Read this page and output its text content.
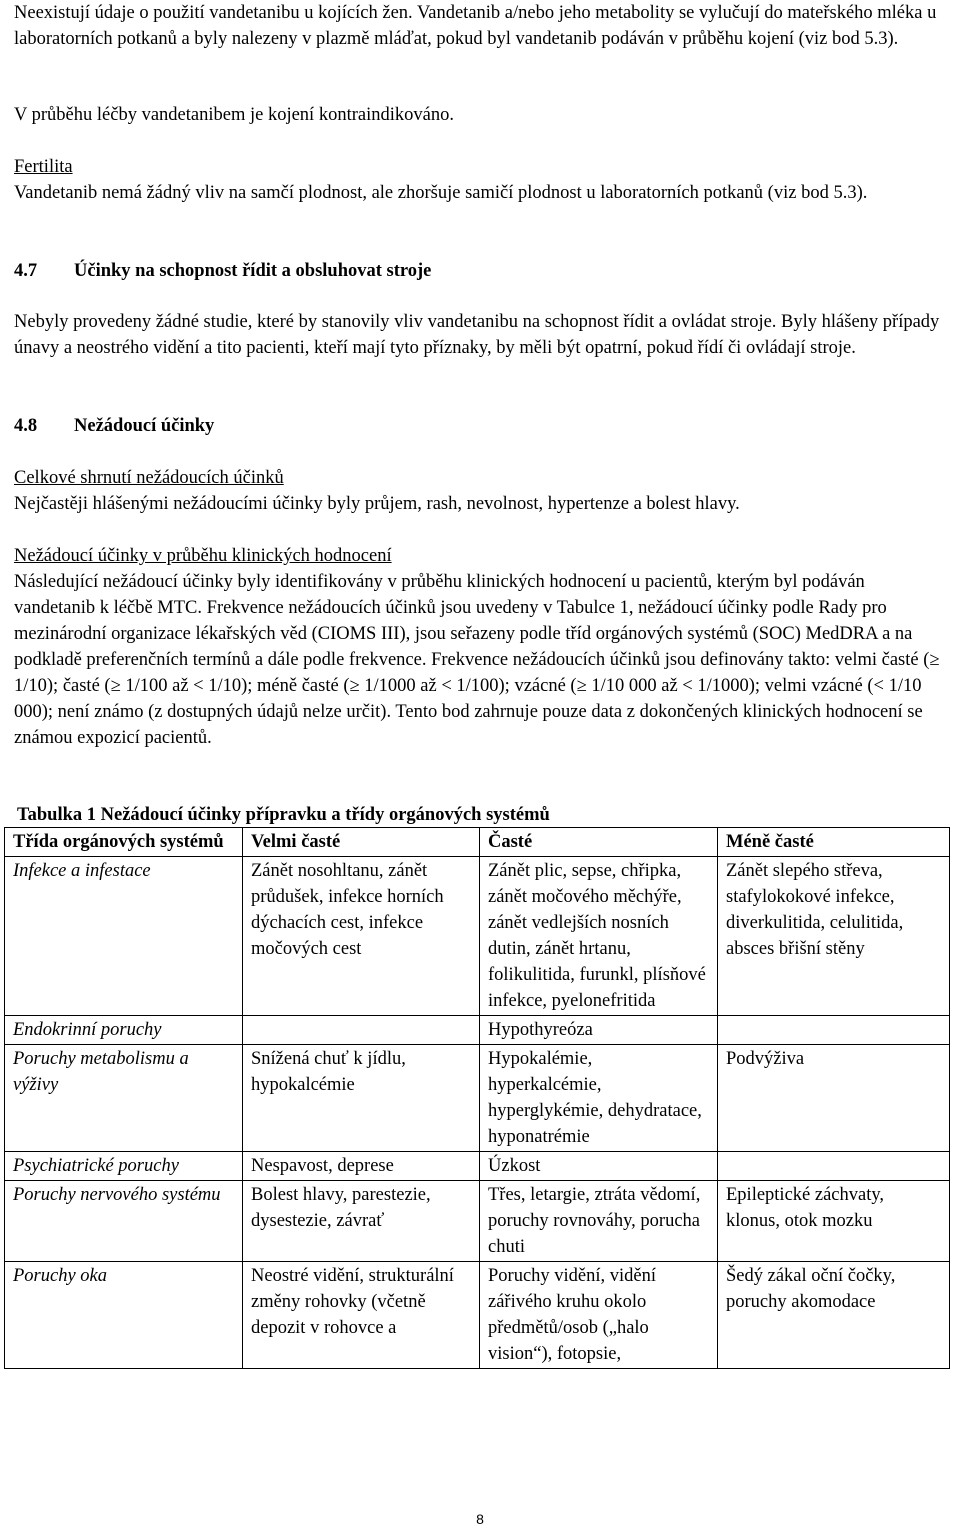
Neexistují údaje o použití vandetanibu u kojících žen. Vandetanib a/nebo jeho metabolity se vylučují do mateřského mléka u laboratorních potkanů a byly nalezeny v plazmě mláďat, pokud byl vandetanib podáván v průběhu kojení (viz bod 5.3).

V průběhu léčby vandetanibem je kojení kontraindikováno.

Fertilita

Vandetanib nemá žádný vliv na samčí plodnost, ale zhoršuje samičí plodnost u laboratorních potkanů (viz bod 5.3).

4.7 Účinky na schopnost řídit a obsluhovat stroje

Nebyly provedeny žádné studie, které by stanovily vliv vandetanibu na schopnost řídit a ovládat stroje. Byly hlášeny případy únavy a neostrého vidění a tito pacienti, kteří mají tyto příznaky, by měli být opatrní, pokud řídí či ovládají stroje.

4.8 Nežádoucí účinky

Celkové shrnutí nežádoucích účinků

Nejčastěji hlášenými nežádoucími účinky byly průjem, rash, nevolnost, hypertenze a bolest hlavy.

Nežádoucí účinky v průběhu klinických hodnocení

Následující nežádoucí účinky byly identifikovány v průběhu klinických hodnocení u pacientů, kterým byl podáván vandetanib k léčbě MTC. Frekvence nežádoucích účinků jsou uvedeny v Tabulce 1, nežádoucí účinky podle Rady pro mezinárodní organizace lékařských věd (CIOMS III), jsou seřazeny podle tříd orgánových systémů (SOC) MedDRA a na podkladě preferenčních termínů a dále podle frekvence. Frekvence nežádoucích účinků jsou definovány takto: velmi časté (≥ 1/10); časté (≥ 1/100 až < 1/10); méně časté (≥ 1/1000 až < 1/100); vzácné (≥ 1/10 000 až < 1/1000); velmi vzácné (< 1/10 000); není známo (z dostupných údajů nelze určit). Tento bod zahrnuje pouze data z dokončených klinických hodnocení se známou expozicí pacientů.

Tabulka 1 Nežádoucí účinky přípravku a třídy orgánových systémů

Třída orgánových systémů	Velmi časté	Časté	Méně časté
Infekce a infestace	Zánět nosohltanu, zánět průdušek, infekce horních dýchacích cest, infekce močových cest	Zánět plic, sepse, chřipka, zánět močového měchýře, zánět vedlejších nosních dutin, zánět hrtanu, folikulitida, furunkl, plísňové infekce, pyelonefritida	Zánět slepého střeva, stafylokokové infekce, diverkulitida, celulitida, absces břišní stěny
Endokrinní poruchy		Hypothyreóza	
Poruchy metabolismu a výživy	Snížená chuť k jídlu, hypokalcémie	Hypokalémie, hyperkalcémie, hyperglykémie, dehydratace, hyponatrémie	Podvýživa
Psychiatrické poruchy	Nespavost, deprese	Úzkost	
Poruchy nervového systému	Bolest hlavy, parestezie, dysestezie, závrať	Třes, letargie, ztráta vědomí, poruchy rovnováhy, porucha chuti	Epileptické záchvaty, klonus, otok mozku
Poruchy oka	Neostré vidění, strukturální změny rohovky (včetně depozit v rohovce a	Poruchy vidění, vidění zářivého kruhu okolo předmětů/osob („halo vision“), fotopsie,	Šedý zákal oční čočky, poruchy akomodace
8
